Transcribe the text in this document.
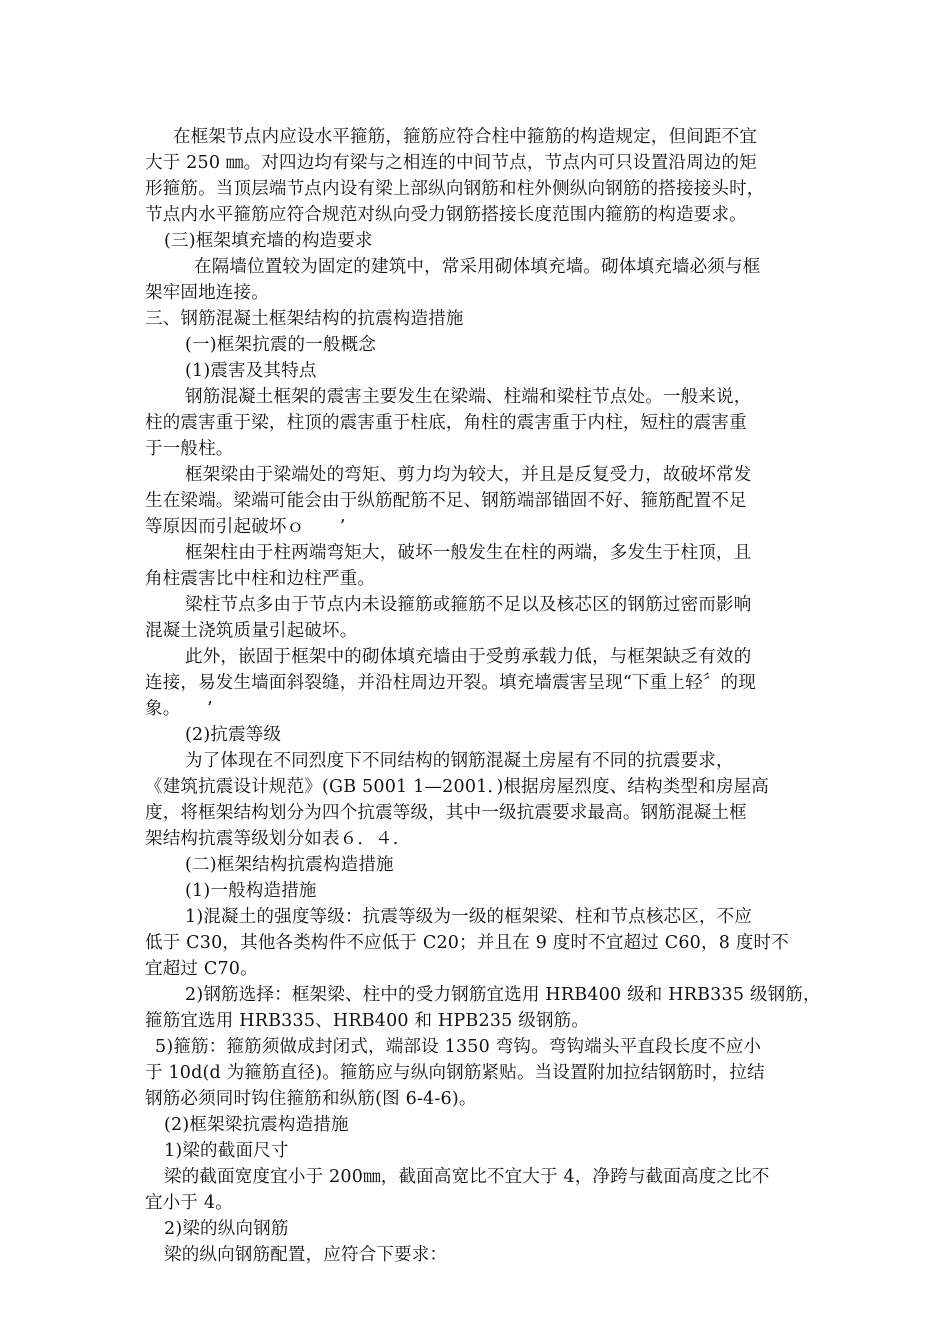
在框架节点内应设水平箍筋，箍筋应符合柱中箍筋的构造规定，但间距不宜
大于 250 ㎜。对四边均有梁与之相连的中间节点，节点内可只设置沿周边的矩
形箍筋。当顶层端节点内设有梁上部纵向钢筋和柱外侧纵向钢筋的搭接接头时，
节点内水平箍筋应符合规范对纵向受力钢筋搭接长度范围内箍筋的构造要求。
(三)框架填充墙的构造要求
在隔墙位置较为固定的建筑中，常采用砌体填充墙。砌体填充墙必须与框
架牢固地连接。
三、钢筋混凝土框架结构的抗震构造措施
(一)框架抗震的一般概念
(1)震害及其特点
钢筋混凝土框架的震害主要发生在梁端、柱端和梁柱节点处。一般来说，
柱的震害重于梁，柱顶的震害重于柱底，角柱的震害重于内柱，短柱的震害重
于一般柱。
框架梁由于梁端处的弯矩、剪力均为较大，并且是反复受力，故破坏常发
生在梁端。梁端可能会由于纵筋配筋不足、钢筋端部锚固不好、箍筋配置不足
等原因而引起破坏ｏ　　’
框架柱由于柱两端弯矩大，破坏一般发生在柱的两端，多发生于柱顶，且
角柱震害比中柱和边柱严重。
梁柱节点多由于节点内未设箍筋或箍筋不足以及核芯区的钢筋过密而影响
混凝土浇筑质量引起破坏。
此外，嵌固于框架中的砌体填充墙由于受剪承载力低，与框架缺乏有效的
连接，易发生墙面斜裂缝，并沿柱周边开裂。填充墙震害呈现“下重上轻〞的现
象。　　’
(2)抗震等级
为了体现在不同烈度下不同结构的钢筋混凝土房屋有不同的抗震要求，
《建筑抗震设计规范》(GB 5001 1—2001．)根据房屋烈度、结构类型和房屋高
度，将框架结构划分为四个抗震等级，其中一级抗震要求最高。钢筋混凝土框
架结构抗震等级划分如表６．４.
(二)框架结构抗震构造措施
(1)一般构造措施
1)混凝土的强度等级：抗震等级为一级的框架梁、柱和节点核芯区，不应
低于 C30，其他各类构件不应低于 C20；并且在 9 度时不宜超过 C60，8 度时不
宜超过 C70。
2)钢筋选择：框架梁、柱中的受力钢筋宜选用 HRB400 级和 HRB335 级钢筋，
箍筋宜选用 HRB335、HRB400 和 HPB235 级钢筋。
5)箍筋：箍筋须做成封闭式，端部设 1350 弯钩。弯钩端头平直段长度不应小
于 10d(d 为箍筋直径)。箍筋应与纵向钢筋紧贴。当设置附加拉结钢筋时，拉结
钢筋必须同时钩住箍筋和纵筋(图 6-4-6)。
(2)框架梁抗震构造措施
1)梁的截面尺寸
梁的截面宽度宜小于 200㎜，截面高宽比不宜大于 4，净跨与截面高度之比不
宜小于 4。
2)梁的纵向钢筋
梁的纵向钢筋配置，应符合下要求：
